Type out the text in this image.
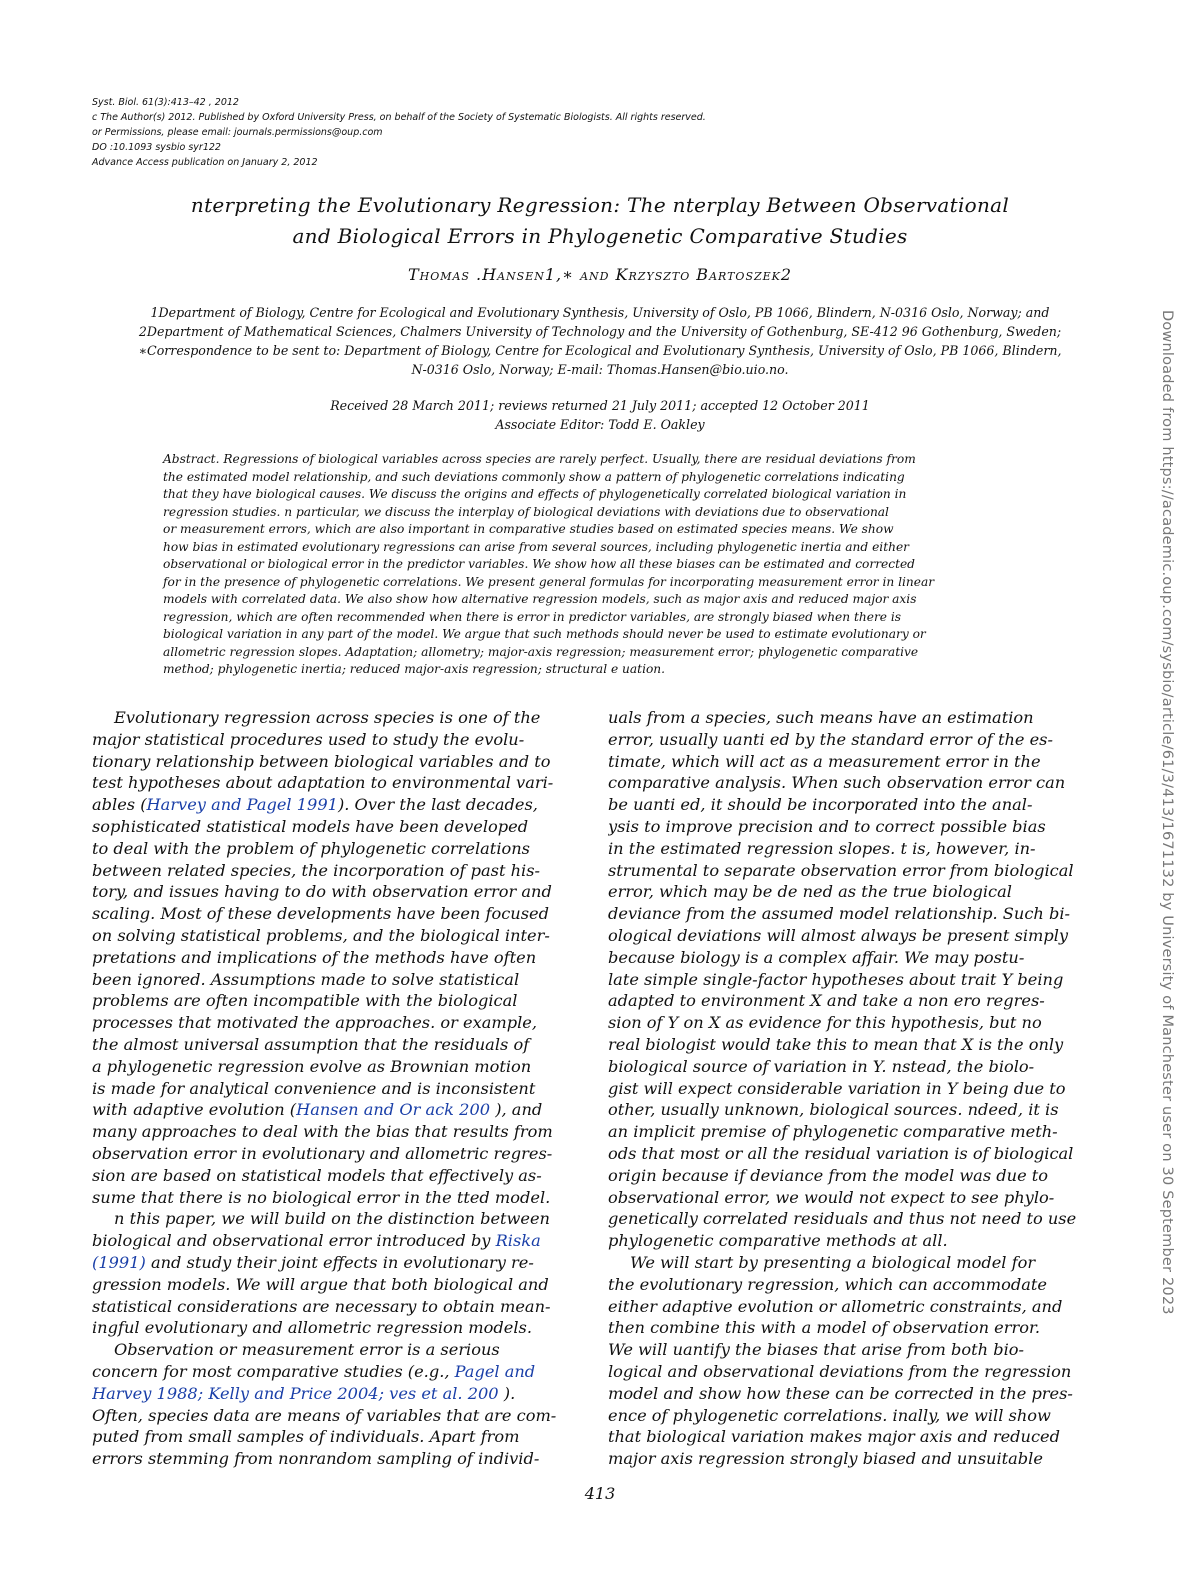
Syst. Biol. 61(3):413–42 , 2012
c The Author(s) 2012. Published by Oxford University Press, on behalf of the Society of Systematic Biologists. All rights reserved.
or Permissions, please email: journals.permissions@oup.com
DO :10.1093 sysbio syr122
Advance Access publication on January 2, 2012
nterpreting the Evolutionary Regression: The nterplay Between Observational
and Biological Errors in Phylogenetic Comparative Studies
Thomas .Hansen1,∗ and Krzyszto Bartoszek2
1Department of Biology, Centre for Ecological and Evolutionary Synthesis, University of Oslo, PB 1066, Blindern, N-0316 Oslo, Norway; and
2Department of Mathematical Sciences, Chalmers University of Technology and the University of Gothenburg, SE-412 96 Gothenburg, Sweden;
∗Correspondence to be sent to: Department of Biology, Centre for Ecological and Evolutionary Synthesis, University of Oslo, PB 1066, Blindern,
N-0316 Oslo, Norway; E-mail: Thomas.Hansen@bio.uio.no.
Received 28 March 2011; reviews returned 21 July 2011; accepted 12 October 2011
Associate Editor: Todd E. Oakley
Abstract. Regressions of biological variables across species are rarely perfect. Usually, there are residual deviations from
the estimated model relationship, and such deviations commonly show a pattern of phylogenetic correlations indicating
that they have biological causes. We discuss the origins and effects of phylogenetically correlated biological variation in
regression studies. n particular, we discuss the interplay of biological deviations with deviations due to observational
or measurement errors, which are also important in comparative studies based on estimated species means. We show
how bias in estimated evolutionary regressions can arise from several sources, including phylogenetic inertia and either
observational or biological error in the predictor variables. We show how all these biases can be estimated and corrected
for in the presence of phylogenetic correlations. We present general formulas for incorporating measurement error in linear
models with correlated data. We also show how alternative regression models, such as major axis and reduced major axis
regression, which are often recommended when there is error in predictor variables, are strongly biased when there is
biological variation in any part of the model. We argue that such methods should never be used to estimate evolutionary or
allometric regression slopes. Adaptation; allometry; major-axis regression; measurement error; phylogenetic comparative
method; phylogenetic inertia; reduced major-axis regression; structural e uation.
Evolutionary regression across species is one of the
major statistical procedures used to study the evolu-
tionary relationship between biological variables and to
test hypotheses about adaptation to environmental vari-
ables (Harvey and Pagel 1991). Over the last decades,
sophisticated statistical models have been developed
to deal with the problem of phylogenetic correlations
between related species, the incorporation of past his-
tory, and issues having to do with observation error and
scaling. Most of these developments have been focused
on solving statistical problems, and the biological inter-
pretations and implications of the methods have often
been ignored. Assumptions made to solve statistical
problems are often incompatible with the biological
processes that motivated the approaches. or example,
the almost universal assumption that the residuals of
a phylogenetic regression evolve as Brownian motion
is made for analytical convenience and is inconsistent
with adaptive evolution (Hansen and Or ack 200 ), and
many approaches to deal with the bias that results from
observation error in evolutionary and allometric regres-
sion are based on statistical models that effectively as-
sume that there is no biological error in the tted model.
n this paper, we will build on the distinction between
biological and observational error introduced by Riska
(1991) and study their joint effects in evolutionary re-
gression models. We will argue that both biological and
statistical considerations are necessary to obtain mean-
ingful evolutionary and allometric regression models.
Observation or measurement error is a serious
concern for most comparative studies (e.g., Pagel and
Harvey 1988; Kelly and Price 2004; ves et al. 200 ).
Often, species data are means of variables that are com-
puted from small samples of individuals. Apart from
errors stemming from nonrandom sampling of individ-
uals from a species, such means have an estimation
error, usually uanti ed by the standard error of the es-
timate, which will act as a measurement error in the
comparative analysis. When such observation error can
be uanti ed, it should be incorporated into the anal-
ysis to improve precision and to correct possible bias
in the estimated regression slopes. t is, however, in-
strumental to separate observation error from biological
error, which may be de ned as the true biological
deviance from the assumed model relationship. Such bi-
ological deviations will almost always be present simply
because biology is a complex affair. We may postu-
late simple single-factor hypotheses about trait Y being
adapted to environment X and take a non ero regres-
sion of Y on X as evidence for this hypothesis, but no
real biologist would take this to mean that X is the only
biological source of variation in Y. nstead, the biolo-
gist will expect considerable variation in Y being due to
other, usually unknown, biological sources. ndeed, it is
an implicit premise of phylogenetic comparative meth-
ods that most or all the residual variation is of biological
origin because if deviance from the model was due to
observational error, we would not expect to see phylo-
genetically correlated residuals and thus not need to use
phylogenetic comparative methods at all.
We will start by presenting a biological model for
the evolutionary regression, which can accommodate
either adaptive evolution or allometric constraints, and
then combine this with a model of observation error.
We will uantify the biases that arise from both bio-
logical and observational deviations from the regression
model and show how these can be corrected in the pres-
ence of phylogenetic correlations. inally, we will show
that biological variation makes major axis and reduced
major axis regression strongly biased and unsuitable
413
Downloaded from https://academic.oup.com/sysbio/article/61/3/413/1671132 by University of Manchester user on 30 September 2023
